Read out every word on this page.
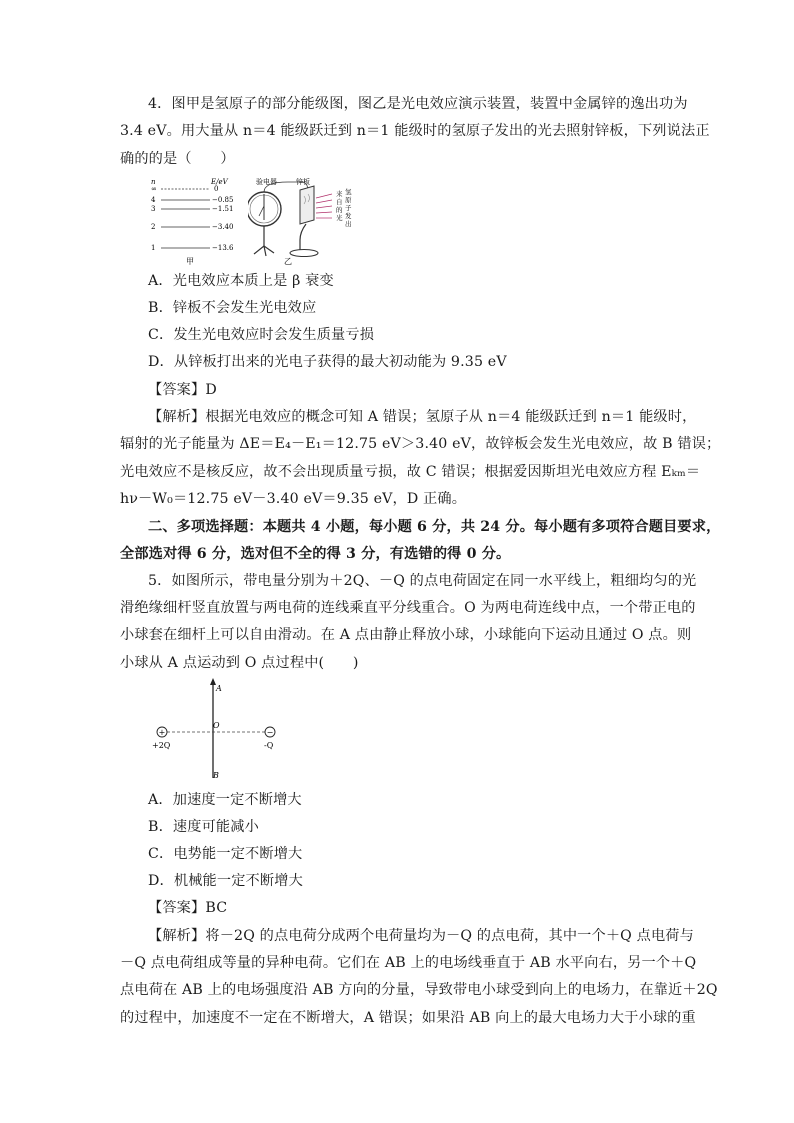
4．图甲是氢原子的部分能级图，图乙是光电效应演示装置，装置中金属锌的逸出功为
3.4 eV。用大量从 n＝4 能级跃迁到 n＝1 能级时的氢原子发出的光去照射锌板，下列说法正
确的的是（　　）
n	E/eV
∞	0
4	−0.85
3	−1.51
2	−3.40
1	−13.6
甲
验电器	锌板
来
自
的
光
氢
原
子
发
出
乙
A．光电效应本质上是 β 衰变
B．锌板不会发生光电效应
C．发生光电效应时会发生质量亏损
D．从锌板打出来的光电子获得的最大初动能为 9.35 eV
【答案】D
【解析】根据光电效应的概念可知 A 错误；氢原子从 n＝4 能级跃迁到 n＝1 能级时，
辐射的光子能量为 ΔE＝E₄－E₁＝12.75 eV＞3.40 eV，故锌板会发生光电效应，故 B 错误；
光电效应不是核反应，故不会出现质量亏损，故 C 错误；根据爱因斯坦光电效应方程 Eₖₘ＝
hν－W₀＝12.75 eV－3.40 eV＝9.35 eV，D 正确。
二、多项选择题：本题共 4 小题，每小题 6 分，共 24 分。每小题有多项符合题目要求，
全部选对得 6 分，选对但不全的得 3 分，有选错的得 0 分。
5．如图所示，带电量分别为＋2Q、－Q 的点电荷固定在同一水平线上，粗细均匀的光
滑绝缘细杆竖直放置与两电荷的连线乘直平分线重合。O 为两电荷连线中点，一个带正电的
小球套在细杆上可以自由滑动。在 A 点由静止释放小球，小球能向下运动且通过 O 点。则
小球从 A 点运动到 O 点过程中(　　)
A
O
B
+
+2Q
−
-Q
A．加速度一定不断增大
B．速度可能减小
C．电势能一定不断增大
D．机械能一定不断增大
【答案】BC
【解析】将－2Q 的点电荷分成两个电荷量均为－Q 的点电荷，其中一个＋Q 点电荷与
－Q 点电荷组成等量的异种电荷。它们在 AB 上的电场线垂直于 AB 水平向右，另一个＋Q
点电荷在 AB 上的电场强度沿 AB 方向的分量，导致带电小球受到向上的电场力，在靠近＋2Q
的过程中，加速度不一定在不断增大，A 错误；如果沿 AB 向上的最大电场力大于小球的重
